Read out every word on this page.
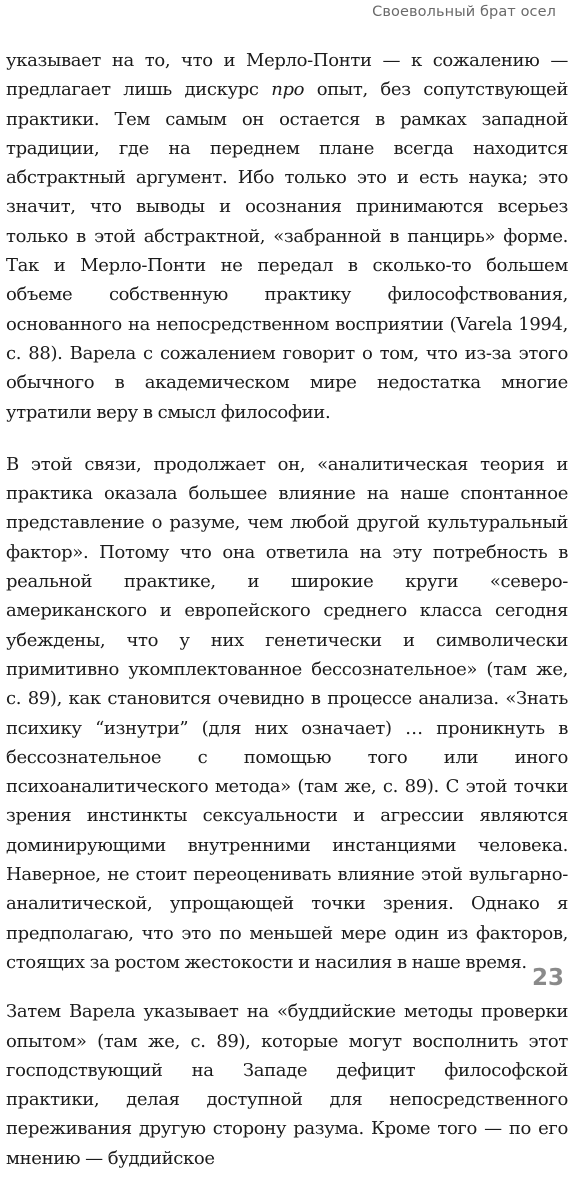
Своевольный брат осел

указывает на то, что и Мерло-Понти — к сожалению — предлагает лишь дискурс про опыт, без сопутствующей практики. Тем самым он остается в рамках западной традиции, где на переднем плане всегда находится абстрактный аргумент. Ибо только это и есть наука; это значит, что выводы и осознания принимаются всерьез только в этой абстрактной, «забранной в панцирь» форме. Так и Мерло-Понти не передал в сколько-то большем объеме собственную практику философствования, основанного на непосредственном восприятии (Varela 1994, с. 88). Варела с сожалением говорит о том, что из-за этого обычного в академическом мире недостатка многие утратили веру в смысл философии.

В этой связи, продолжает он, «аналитическая теория и практика оказала большее влияние на наше спонтанное представление о разуме, чем любой другой культуральный фактор». Потому что она ответила на эту потребность в реальной практике, и широкие круги «северо-американского и европейского среднего класса сегодня убеждены, что у них генетически и символически примитивно укомплектованное бессознательное» (там же, с. 89), как становится очевидно в процессе анализа. «Знать психику “изнутри” (для них означает) … проникнуть в бессознательное с помощью того или иного психоаналитического метода» (там же, с. 89). С этой точки зрения инстинкты сексуальности и агрессии являются доминирующими внутренними инстанциями человека. Наверное, не стоит переоценивать влияние этой вульгарно-аналитической, упрощающей точки зрения. Однако я предполагаю, что это по меньшей мере один из факторов, стоящих за ростом жестокости и насилия в наше время.

Затем Варела указывает на «буддийские методы проверки опытом» (там же, с. 89), которые могут восполнить этот господствующий на Западе дефицит философской практики, делая доступной для непосредственного переживания другую сторону разума. Кроме того — по его мнению — буддийское

23
